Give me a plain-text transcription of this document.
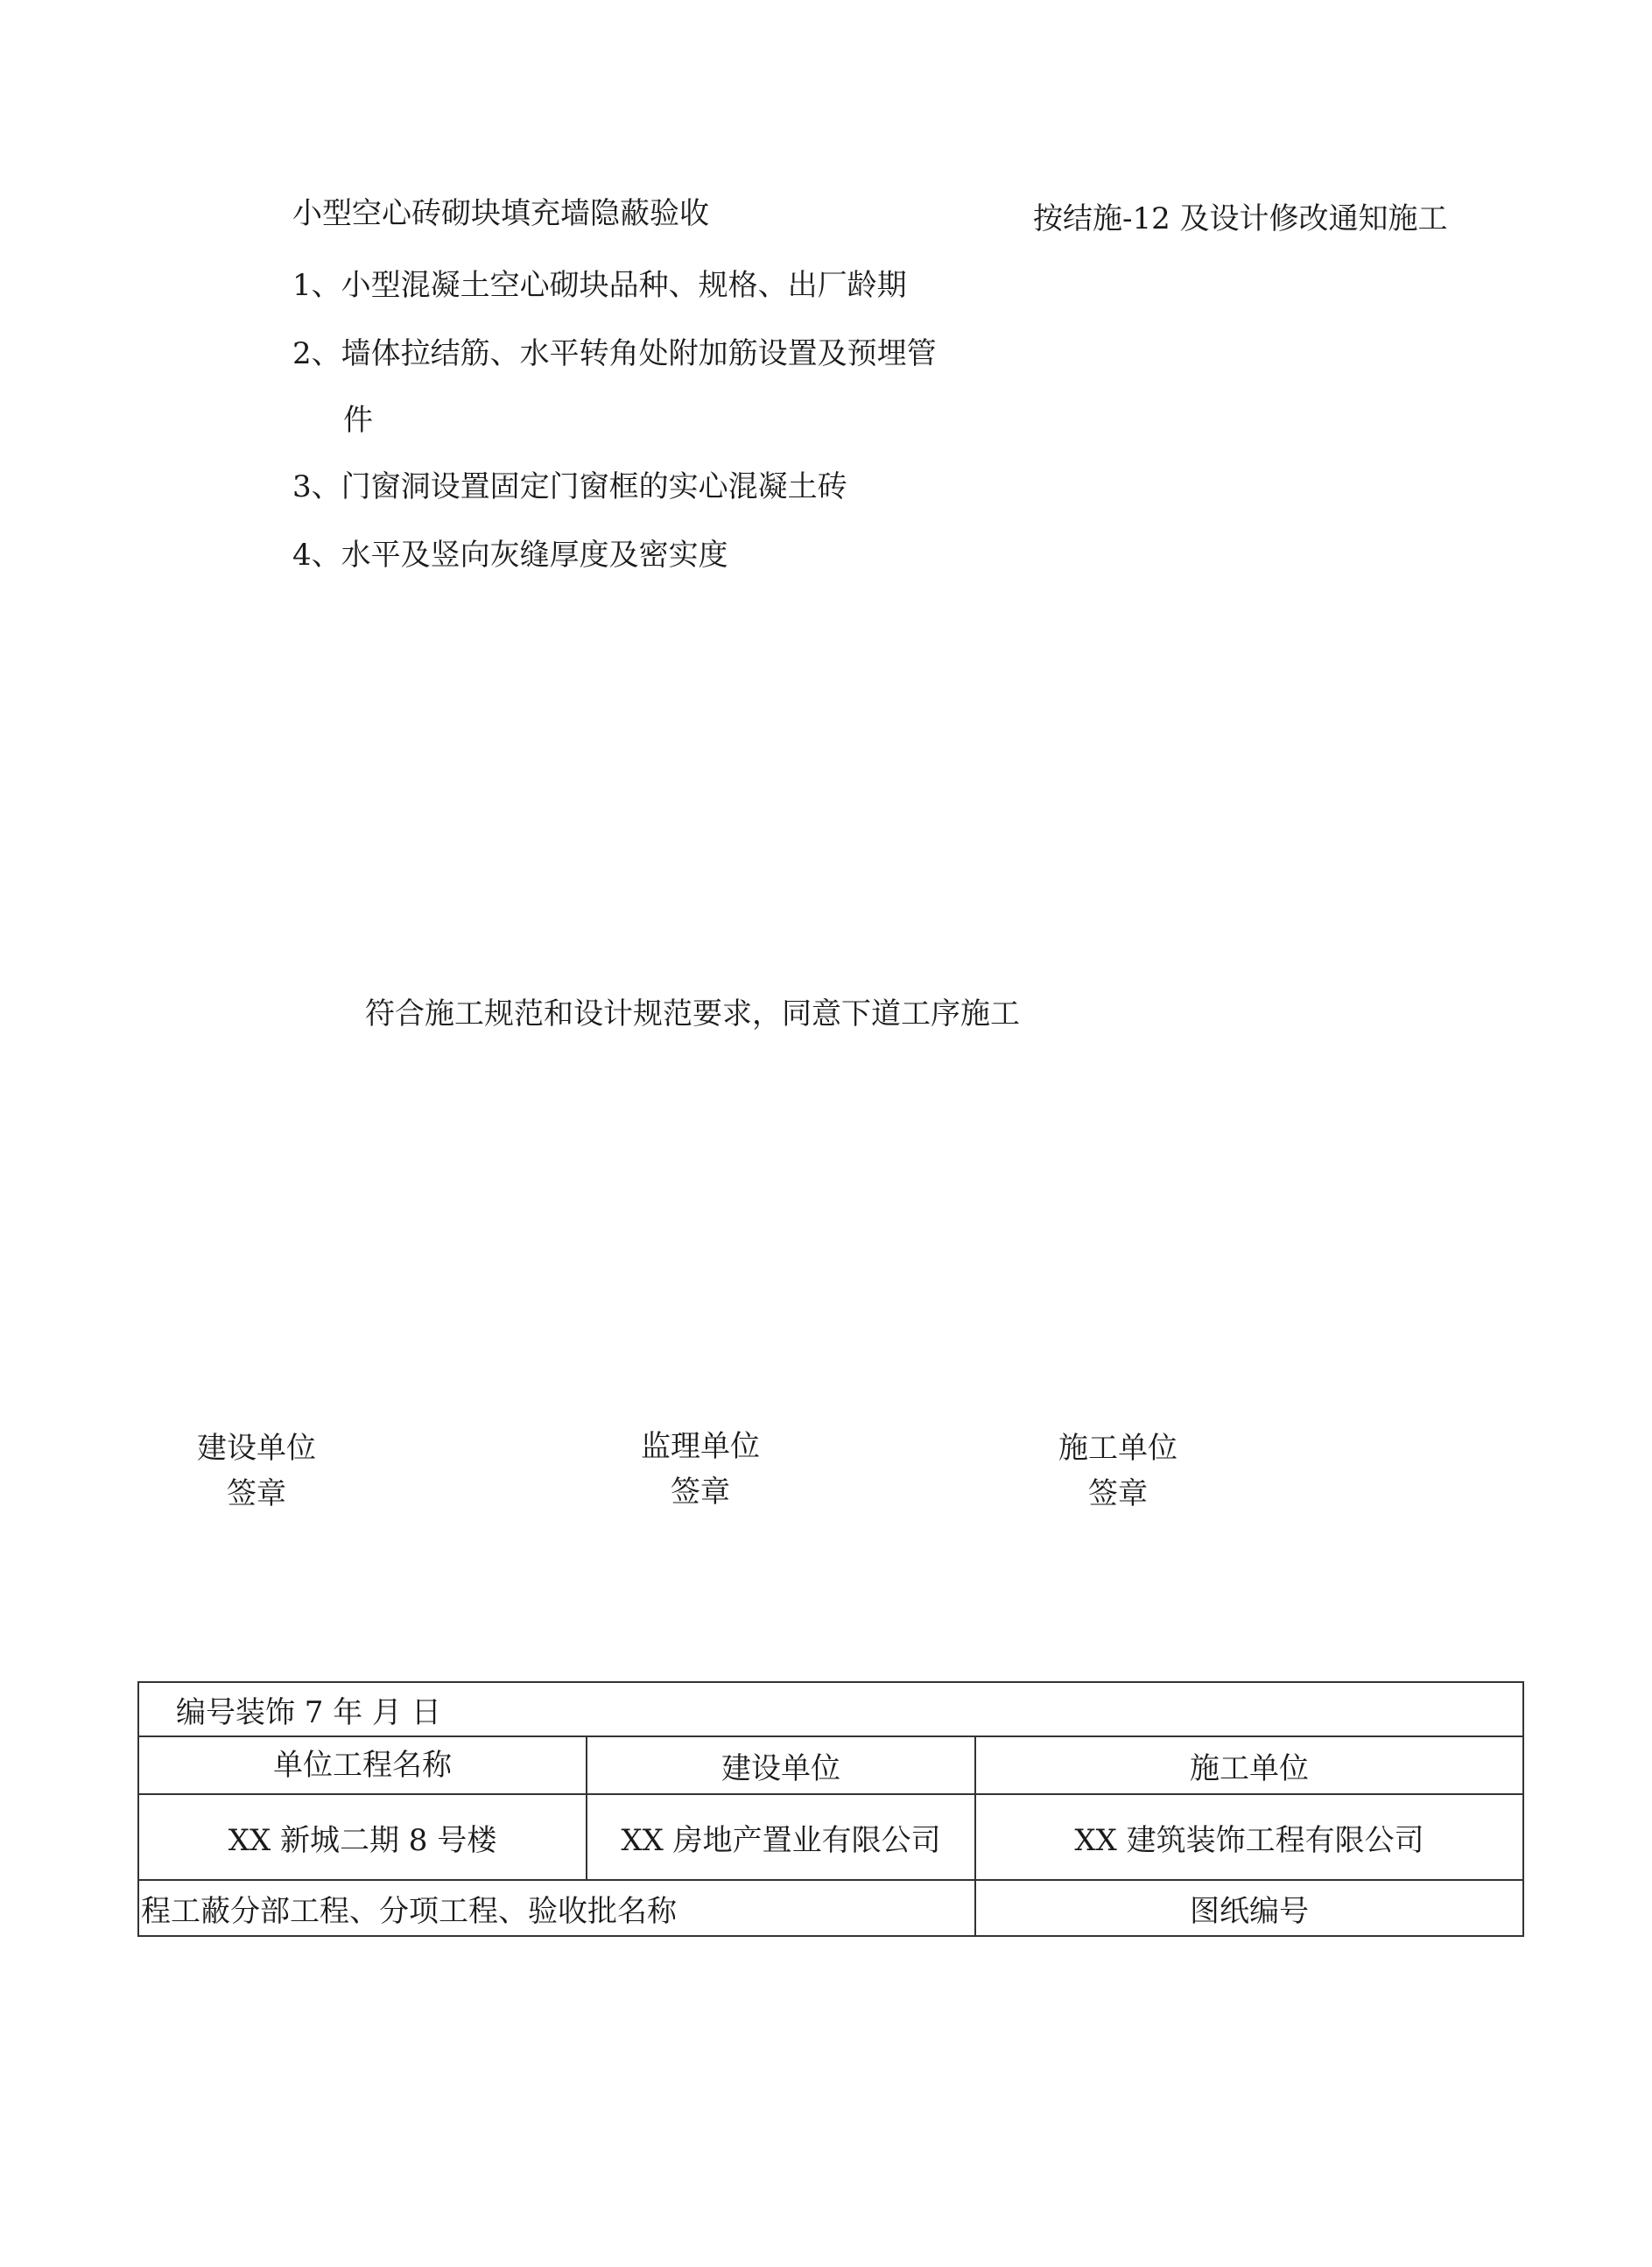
小型空心砖砌块填充墙隐蔽验收	按结施-12 及设计修改通知施工
1、小型混凝土空心砌块品种、规格、出厂龄期
2、墙体拉结筋、水平转角处附加筋设置及预埋管
件
3、门窗洞设置固定门窗框的实心混凝土砖
4、水平及竖向灰缝厚度及密实度
符合施工规范和设计规范要求，同意下道工序施工
建设单位
签章
监理单位
签章
施工单位
签章
编号装饰 7 年 月 日		
单位工程名称	建设单位	施工单位
XX 新城二期 8 号楼	XX 房地产置业有限公司	XX 建筑装饰工程有限公司
程工蔽分部工程、分项工程、验收批名称		图纸编号
